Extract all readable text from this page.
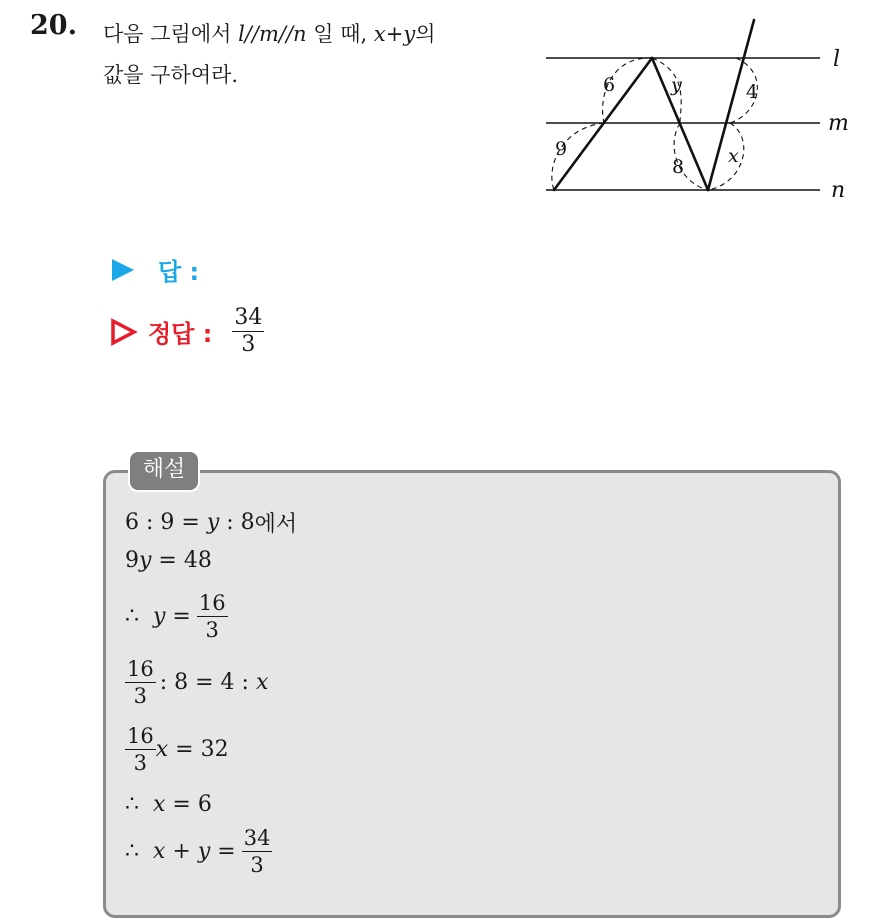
20. 다음 그림에서 l//m//n 일 때, x+y의
값을 구하여라.	6
9
y
8
4
x
l
m
n
답 :
정답 : $\frac{34}{3}$
해설
6 : 9 = y : 8 에서
9y = 48
∴  $y = \frac{16}{3}$
$\frac{16}{3}$ : 8 = 4 : x
$\frac{16}{3}$ x = 32
∴  x = 6
∴  $x + y = \frac{34}{3}$
